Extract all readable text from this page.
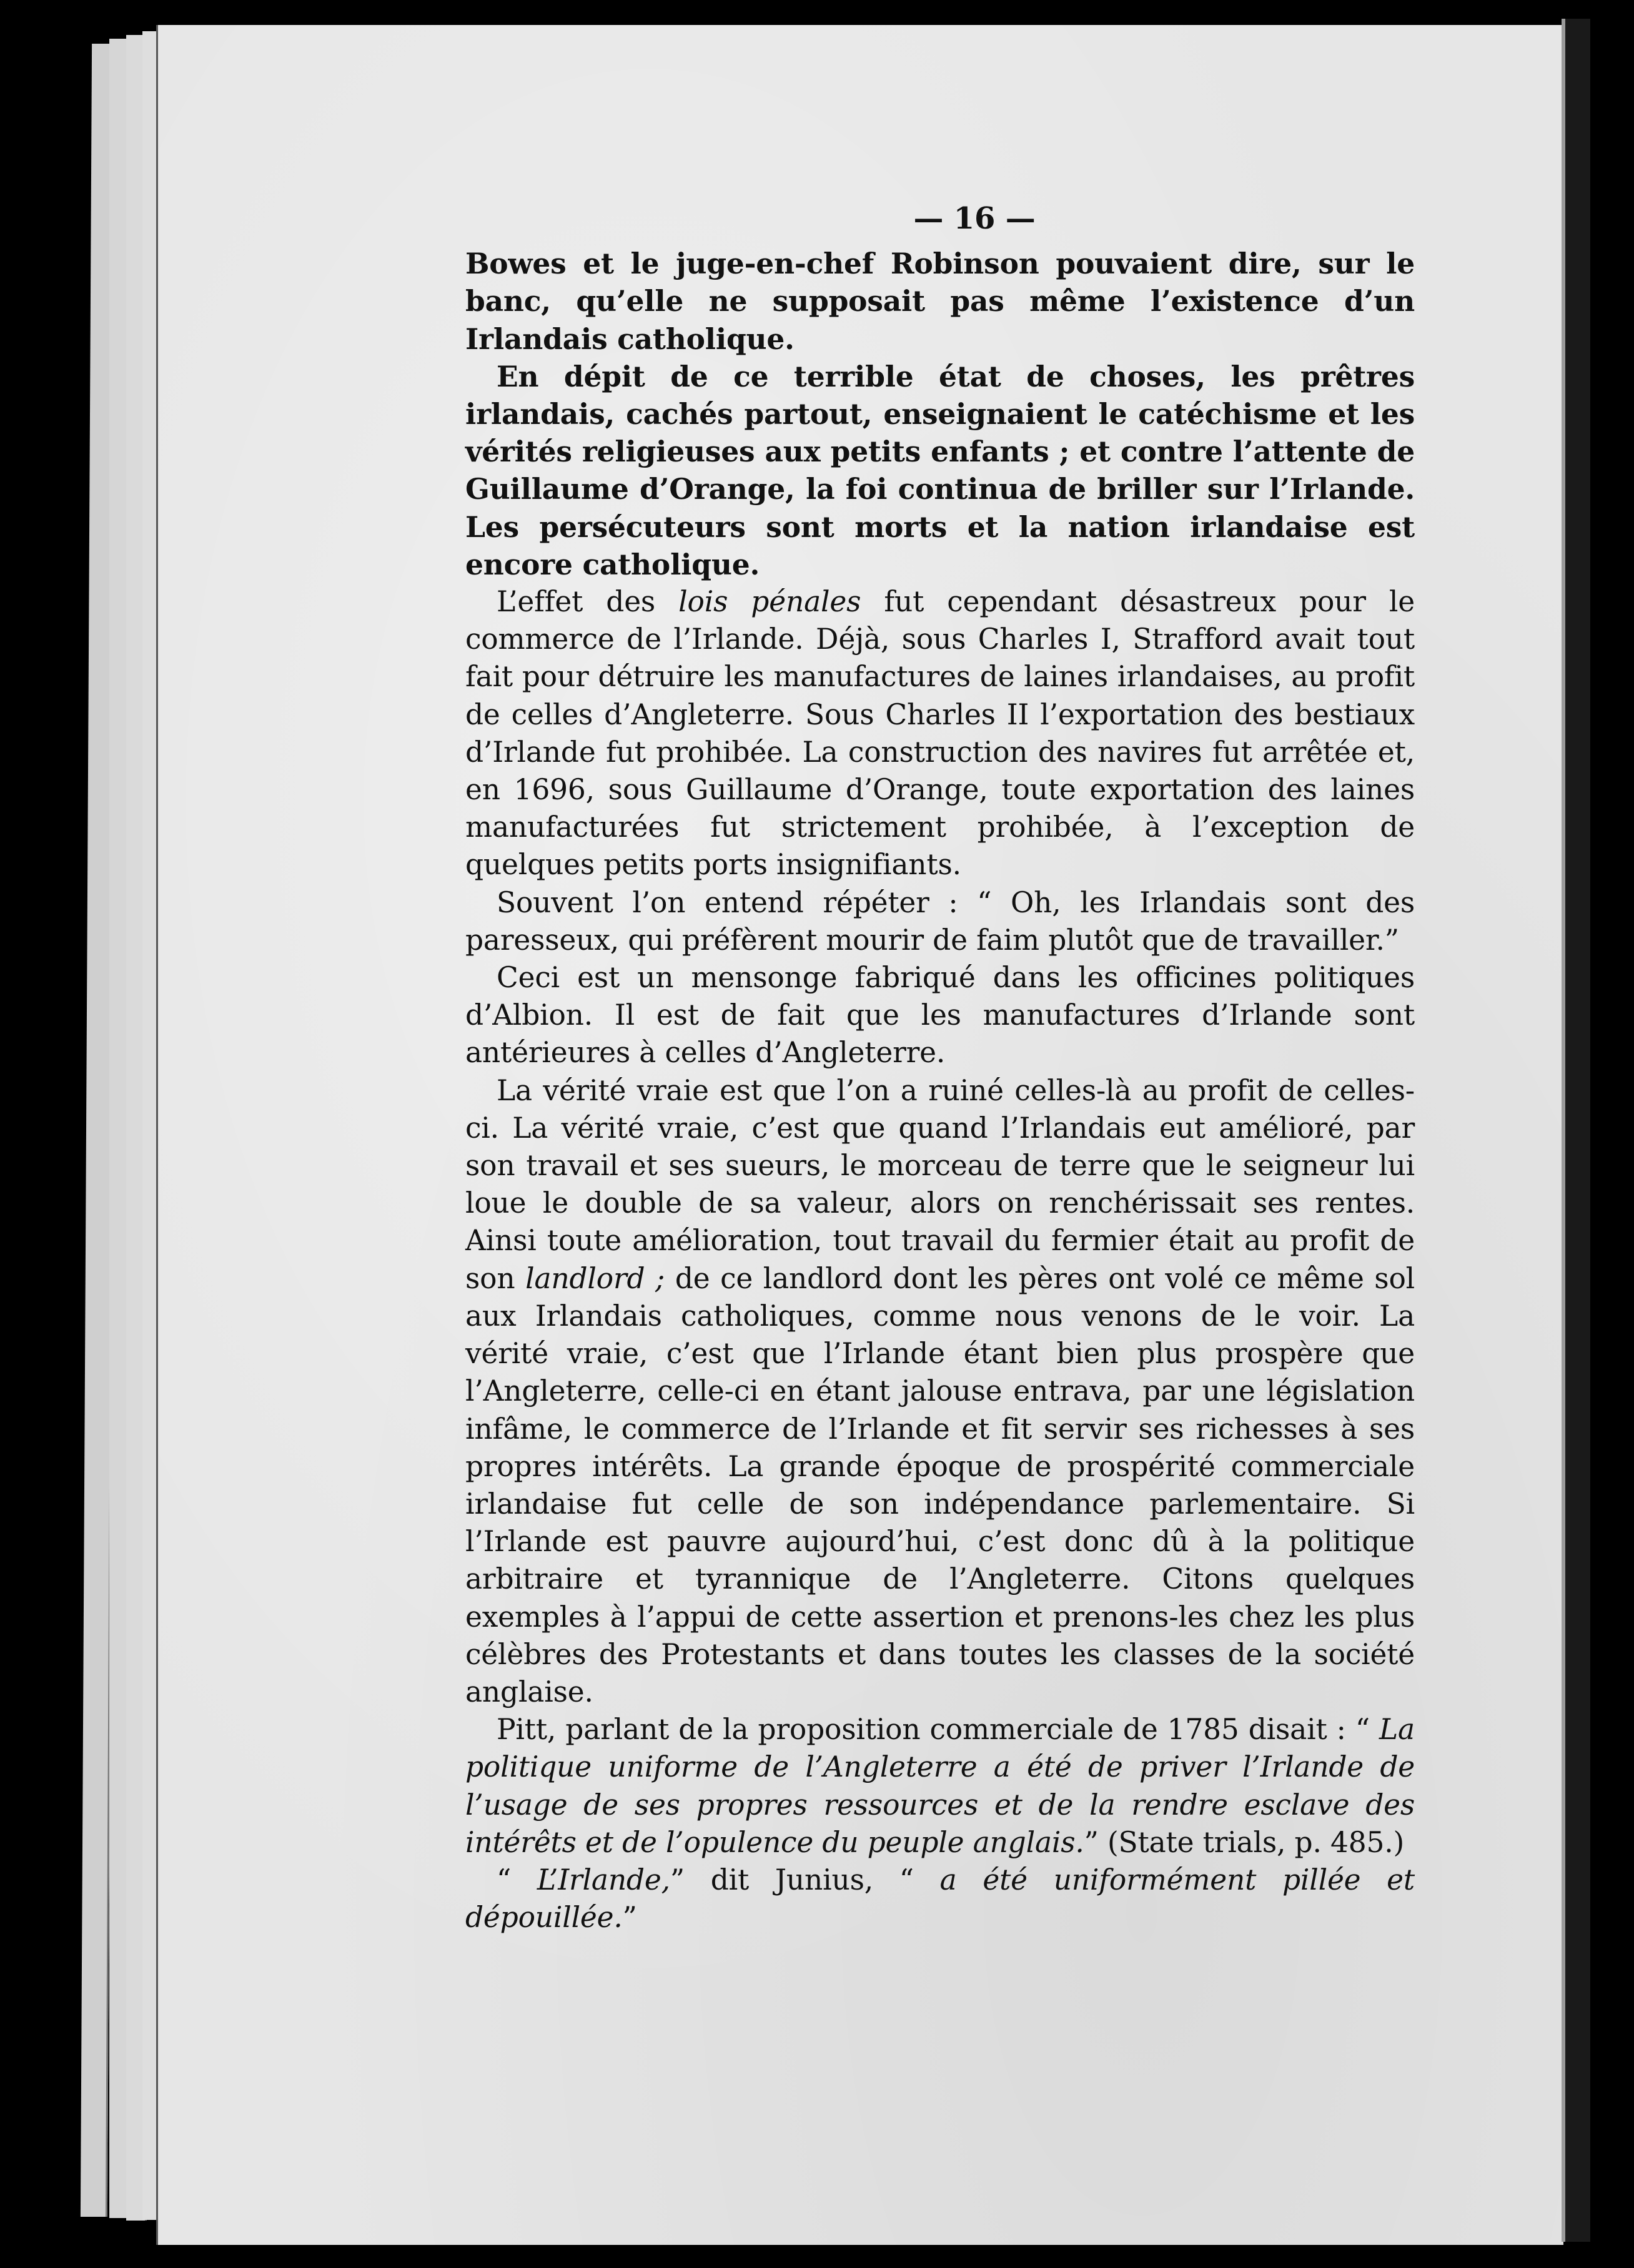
— 16 —

Bowes et le juge-en-chef Robinson pouvaient dire, sur le banc, qu’elle ne supposait pas même l’existence d’un Irlandais catholique.

En dépit de ce terrible état de choses, les prêtres irlandais, cachés partout, enseignaient le catéchisme et les vérités religieuses aux petits enfants ; et contre l’attente de Guillaume d’Orange, la foi continua de briller sur l’Irlande. Les persécuteurs sont morts et la nation irlandaise est encore catholique.

L’effet des lois pénales fut cependant désastreux pour le commerce de l’Irlande. Déjà, sous Charles I, Strafford avait tout fait pour détruire les manufactures de laines irlandaises, au profit de celles d’Angleterre. Sous Charles II l’exportation des bestiaux d’Irlande fut prohibée. La construction des navires fut arrêtée et, en 1696, sous Guillaume d’Orange, toute exportation des laines manufacturées fut strictement prohibée, à l’exception de quelques petits ports insignifiants.

Souvent l’on entend répéter : “ Oh, les Irlandais sont des paresseux, qui préfèrent mourir de faim plutôt que de travailler.”

Ceci est un mensonge fabriqué dans les officines politiques d’Albion. Il est de fait que les manufactures d’Irlande sont antérieures à celles d’Angleterre.

La vérité vraie est que l’on a ruiné celles-là au profit de celles-ci. La vérité vraie, c’est que quand l’Irlandais eut amélioré, par son travail et ses sueurs, le morceau de terre que le seigneur lui loue le double de sa valeur, alors on renchérissait ses rentes. Ainsi toute amélioration, tout travail du fermier était au profit de son landlord ; de ce landlord dont les pères ont volé ce même sol aux Irlandais catholiques, comme nous venons de le voir. La vérité vraie, c’est que l’Irlande étant bien plus prospère que l’Angleterre, celle-ci en étant jalouse entrava, par une législation infâme, le commerce de l’Irlande et fit servir ses richesses à ses propres intérêts. La grande époque de prospérité commerciale irlandaise fut celle de son indépendance parlementaire. Si l’Irlande est pauvre aujourd’hui, c’est donc dû à la politique arbitraire et tyrannique de l’Angleterre. Citons quelques exemples à l’appui de cette assertion et prenons-les chez les plus célèbres des Protestants et dans toutes les classes de la société anglaise.

Pitt, parlant de la proposition commerciale de 1785 disait : “ La politique uniforme de l’Angleterre a été de priver l’Irlande de l’usage de ses propres ressources et de la rendre esclave des intérêts et de l’opulence du peuple anglais.” (State trials, p. 485.)

“ L’Irlande,” dit Junius, “ a été uniformément pillée et dépouillée.”
